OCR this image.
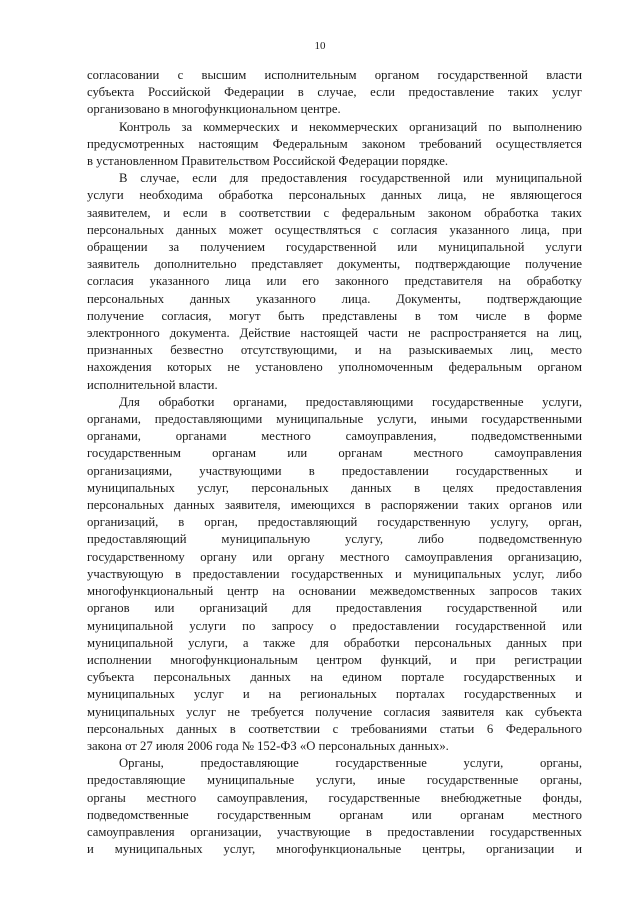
10
согласовании с высшим исполнительным органом государственной власти
субъекта Российской Федерации в случае, если предоставление таких услуг
организовано в многофункциональном центре.
Контроль за коммерческих и некоммерческих организаций по выполнению
предусмотренных настоящим Федеральным законом требований осуществляется
в установленном Правительством Российской Федерации порядке.
В случае, если для предоставления государственной или муниципальной
услуги необходима обработка персональных данных лица, не являющегося
заявителем, и если в соответствии с федеральным законом обработка таких
персональных данных может осуществляться с согласия указанного лица, при
обращении за получением государственной или муниципальной услуги
заявитель дополнительно представляет документы, подтверждающие получение
согласия указанного лица или его законного представителя на обработку
персональных данных указанного лица. Документы, подтверждающие
получение согласия, могут быть представлены в том числе в форме
электронного документа. Действие настоящей части не распространяется на лиц,
признанных безвестно отсутствующими, и на разыскиваемых лиц, место
нахождения которых не установлено уполномоченным федеральным органом
исполнительной власти.
Для обработки органами, предоставляющими государственные услуги,
органами, предоставляющими муниципальные услуги, иными государственными
органами, органами местного самоуправления, подведомственными
государственным органам или органам местного самоуправления
организациями, участвующими в предоставлении государственных и
муниципальных услуг, персональных данных в целях предоставления
персональных данных заявителя, имеющихся в распоряжении таких органов или
организаций, в орган, предоставляющий государственную услугу, орган,
предоставляющий муниципальную услугу, либо подведомственную
государственному органу или органу местного самоуправления организацию,
участвующую в предоставлении государственных и муниципальных услуг, либо
многофункциональный центр на основании межведомственных запросов таких
органов или организаций для предоставления государственной или
муниципальной услуги по запросу о предоставлении государственной или
муниципальной услуги, а также для обработки персональных данных при
исполнении многофункциональным центром функций, и при регистрации
субъекта персональных данных на едином портале государственных и
муниципальных услуг и на региональных порталах государственных и
муниципальных услуг не требуется получение согласия заявителя как субъекта
персональных данных в соответствии с требованиями статьи 6 Федерального
закона от 27 июля 2006 года № 152-ФЗ «О персональных данных».
Органы, предоставляющие государственные услуги, органы,
предоставляющие муниципальные услуги, иные государственные органы,
органы местного самоуправления, государственные внебюджетные фонды,
подведомственные государственным органам или органам местного
самоуправления организации, участвующие в предоставлении государственных
и муниципальных услуг, многофункциональные центры, организации и
